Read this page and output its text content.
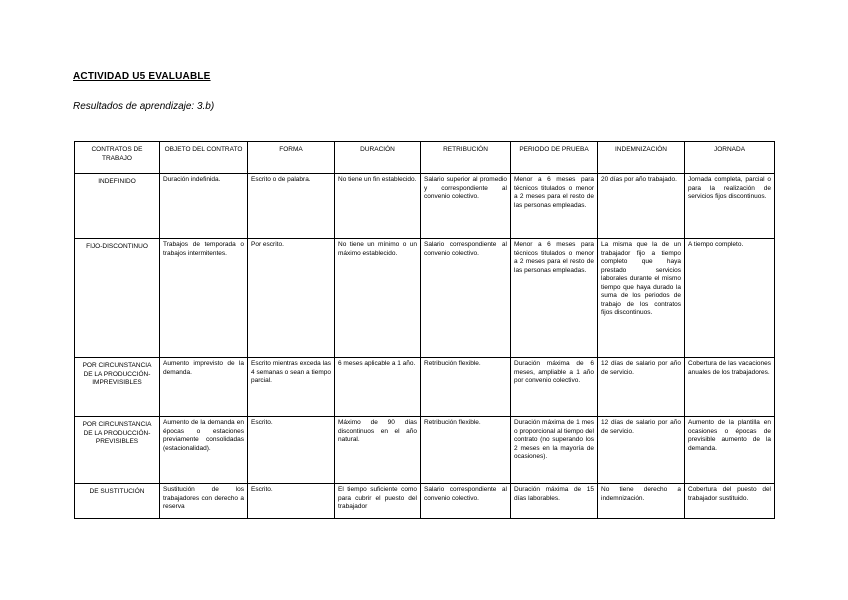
ACTIVIDAD U5 EVALUABLE
Resultados de aprendizaje: 3.b)
CONTRATOS DE TRABAJO	OBJETO DEL CONTRATO	FORMA	DURACIÓN	RETRIBUCIÓN	PERIODO DE PRUEBA	INDEMNIZACIÓN	JORNADA
INDEFINIDO	Duración indefinida.	Escrito o de palabra.	No tiene un fin establecido.	Salario superior al promedio y correspondiente al convenio colectivo.	Menor a 6 meses para técnicos titulados o menor a 2 meses para el resto de las personas empleadas.	20 días por año trabajado.	Jornada completa, parcial o para la realización de servicios fijos discontinuos.
FIJO-DISCONTINUO	Trabajos de temporada o trabajos intermitentes.	Por escrito.	No tiene un mínimo o un máximo establecido.	Salario correspondiente al convenio colectivo.	Menor a 6 meses para técnicos titulados o menor a 2 meses para el resto de las personas empleadas.	La misma que la de un trabajador fijo a tiempo completo que haya prestado servicios laborales durante el mismo tiempo que haya durado la suma de los periodos de trabajo de los contratos fijos discontinuos.	A tiempo completo.
POR CIRCUNSTANCIA DE LA PRODUCCIÓN-IMPREVISIBLES	Aumento imprevisto de la demanda.	Escrito mientras exceda las 4 semanas o sean a tiempo parcial.	6 meses aplicable a 1 año.	Retribución flexible.	Duración máxima de 6 meses, ampliable a 1 año por convenio colectivo.	12 días de salario por año de servicio.	Cobertura de las vacaciones anuales de los trabajadores.
POR CIRCUNSTANCIA DE LA PRODUCCIÓN-PREVISIBLES	Aumento de la demanda en épocas o estaciones previamente consolidadas (estacionalidad).	Escrito.	Máximo de 90 días discontinuos en el año natural.	Retribución flexible.	Duración máxima de 1 mes o proporcional al tiempo del contrato (no superando los 2 meses en la mayoría de ocasiones).	12 días de salario por año de servicio.	Aumento de la plantilla en ocasiones o épocas de previsible aumento de la demanda.
DE SUSTITUCIÓN	Sustitución de los trabajadores con derecho a reserva	Escrito.	El tiempo suficiente como para cubrir el puesto del trabajador	Salario correspondiente al convenio colectivo.	Duración máxima de 15 días laborables.	No tiene derecho a indemnización.	Cobertura del puesto del trabajador sustituido.
